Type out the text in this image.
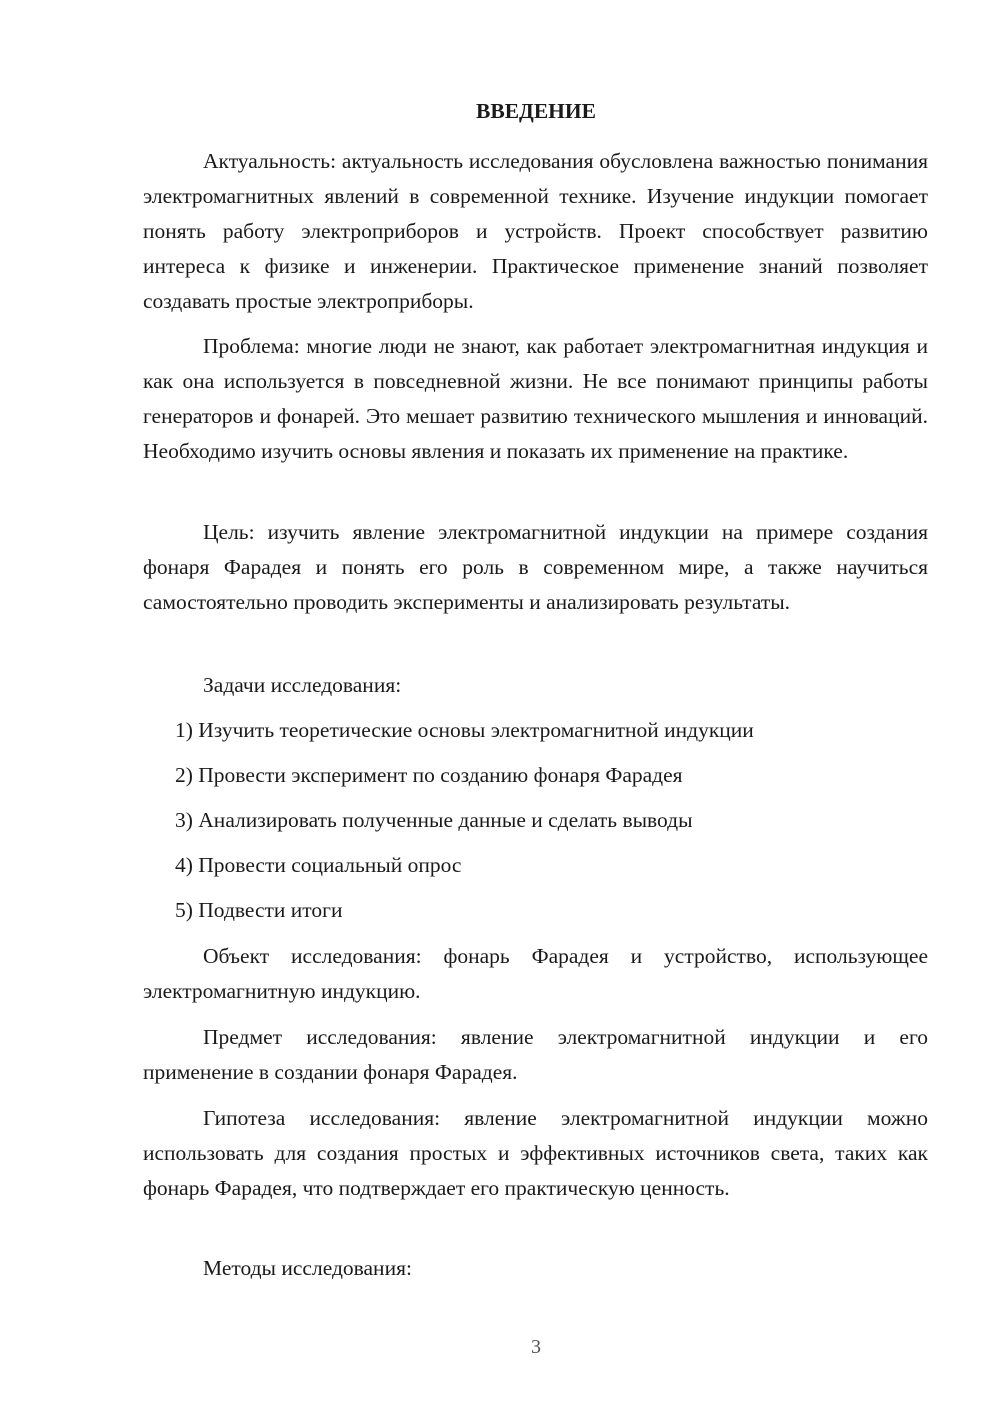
ВВЕДЕНИЕ

Актуальность: актуальность исследования обусловлена важностью понимания электромагнитных явлений в современной технике. Изучение индукции помогает понять работу электроприборов и устройств. Проект способствует развитию интереса к физике и инженерии. Практическое применение знаний позволяет создавать простые электроприборы.

Проблема: многие люди не знают, как работает электромагнитная индукция и как она используется в повседневной жизни. Не все понимают принципы работы генераторов и фонарей. Это мешает развитию технического мышления и инноваций. Необходимо изучить основы явления и показать их применение на практике.

Цель: изучить явление электромагнитной индукции на примере создания фонаря Фарадея и понять его роль в современном мире, а также научиться самостоятельно проводить эксперименты и анализировать результаты.

Задачи исследования:

1) Изучить теоретические основы электромагнитной индукции

2) Провести эксперимент по созданию фонаря Фарадея

3) Анализировать полученные данные и сделать выводы

4) Провести социальный опрос

5) Подвести итоги

Объект исследования: фонарь Фарадея и устройство, использующее электромагнитную индукцию.

Предмет исследования: явление электромагнитной индукции и его применение в создании фонаря Фарадея.

Гипотеза исследования: явление электромагнитной индукции можно использовать для создания простых и эффективных источников света, таких как фонарь Фарадея, что подтверждает его практическую ценность.

Методы исследования:

3
